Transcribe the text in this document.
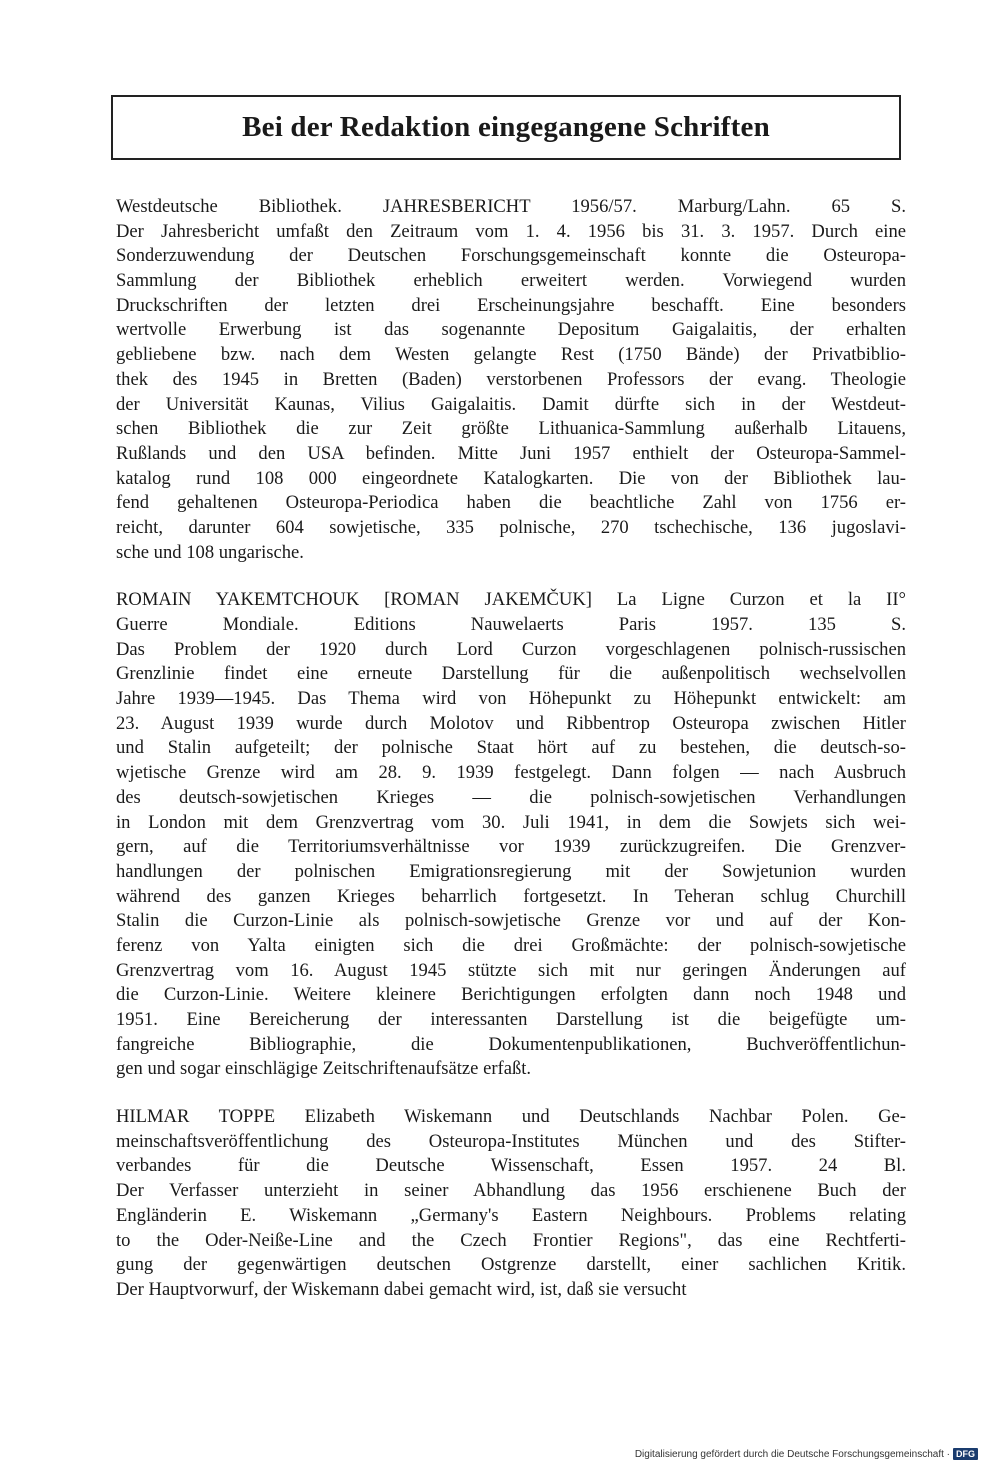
Bei der Redaktion eingegangene Schriften
Westdeutsche Bibliothek. JAHRESBERICHT 1956/57. Marburg/Lahn. 65 S.
Der Jahresbericht umfaßt den Zeitraum vom 1. 4. 1956 bis 31. 3. 1957. Durch eine
Sonderzuwendung der Deutschen Forschungsgemeinschaft konnte die Osteuropa-
Sammlung der Bibliothek erheblich erweitert werden. Vorwiegend wurden
Druckschriften der letzten drei Erscheinungsjahre beschafft. Eine besonders
wertvolle Erwerbung ist das sogenannte Depositum Gaigalaitis, der erhalten
gebliebene bzw. nach dem Westen gelangte Rest (1750 Bände) der Privatbiblio-
thek des 1945 in Bretten (Baden) verstorbenen Professors der evang. Theologie
der Universität Kaunas, Vilius Gaigalaitis. Damit dürfte sich in der Westdeut-
schen Bibliothek die zur Zeit größte Lithuanica-Sammlung außerhalb Litauens,
Rußlands und den USA befinden. Mitte Juni 1957 enthielt der Osteuropa-Sammel-
katalog rund 108 000 eingeordnete Katalogkarten. Die von der Bibliothek lau-
fend gehaltenen Osteuropa-Periodica haben die beachtliche Zahl von 1756 er-
reicht, darunter 604 sowjetische, 335 polnische, 270 tschechische, 136 jugoslavi-
sche und 108 ungarische.
ROMAIN YAKEMTCHOUK [ROMAN JAKEMČUK] La Ligne Curzon et la II°
Guerre Mondiale. Editions Nauwelaerts Paris 1957. 135 S.
Das Problem der 1920 durch Lord Curzon vorgeschlagenen polnisch-russischen
Grenzlinie findet eine erneute Darstellung für die außenpolitisch wechselvollen
Jahre 1939—1945. Das Thema wird von Höhepunkt zu Höhepunkt entwickelt: am
23. August 1939 wurde durch Molotov und Ribbentrop Osteuropa zwischen Hitler
und Stalin aufgeteilt; der polnische Staat hört auf zu bestehen, die deutsch-so-
wjetische Grenze wird am 28. 9. 1939 festgelegt. Dann folgen — nach Ausbruch
des deutsch-sowjetischen Krieges — die polnisch-sowjetischen Verhandlungen
in London mit dem Grenzvertrag vom 30. Juli 1941, in dem die Sowjets sich wei-
gern, auf die Territoriumsverhältnisse vor 1939 zurückzugreifen. Die Grenzver-
handlungen der polnischen Emigrationsregierung mit der Sowjetunion wurden
während des ganzen Krieges beharrlich fortgesetzt. In Teheran schlug Churchill
Stalin die Curzon-Linie als polnisch-sowjetische Grenze vor und auf der Kon-
ferenz von Yalta einigten sich die drei Großmächte: der polnisch-sowjetische
Grenzvertrag vom 16. August 1945 stützte sich mit nur geringen Änderungen auf
die Curzon-Linie. Weitere kleinere Berichtigungen erfolgten dann noch 1948 und
1951. Eine Bereicherung der interessanten Darstellung ist die beigefügte um-
fangreiche Bibliographie, die Dokumentenpublikationen, Buchveröffentlichun-
gen und sogar einschlägige Zeitschriftenaufsätze erfaßt.
HILMAR TOPPE Elizabeth Wiskemann und Deutschlands Nachbar Polen. Ge-
meinschaftsveröffentlichung des Osteuropa-Institutes München und des Stifter-
verbandes für die Deutsche Wissenschaft, Essen 1957. 24 Bl.
Der Verfasser unterzieht in seiner Abhandlung das 1956 erschienene Buch der
Engländerin E. Wiskemann „Germany's Eastern Neighbours. Problems relating
to the Oder-Neiße-Line and the Czech Frontier Regions", das eine Rechtferti-
gung der gegenwärtigen deutschen Ostgrenze darstellt, einer sachlichen Kritik.
Der Hauptvorwurf, der Wiskemann dabei gemacht wird, ist, daß sie versucht
Digitalisierung gefördert durch die Deutsche Forschungsgemeinschaft · DFG
